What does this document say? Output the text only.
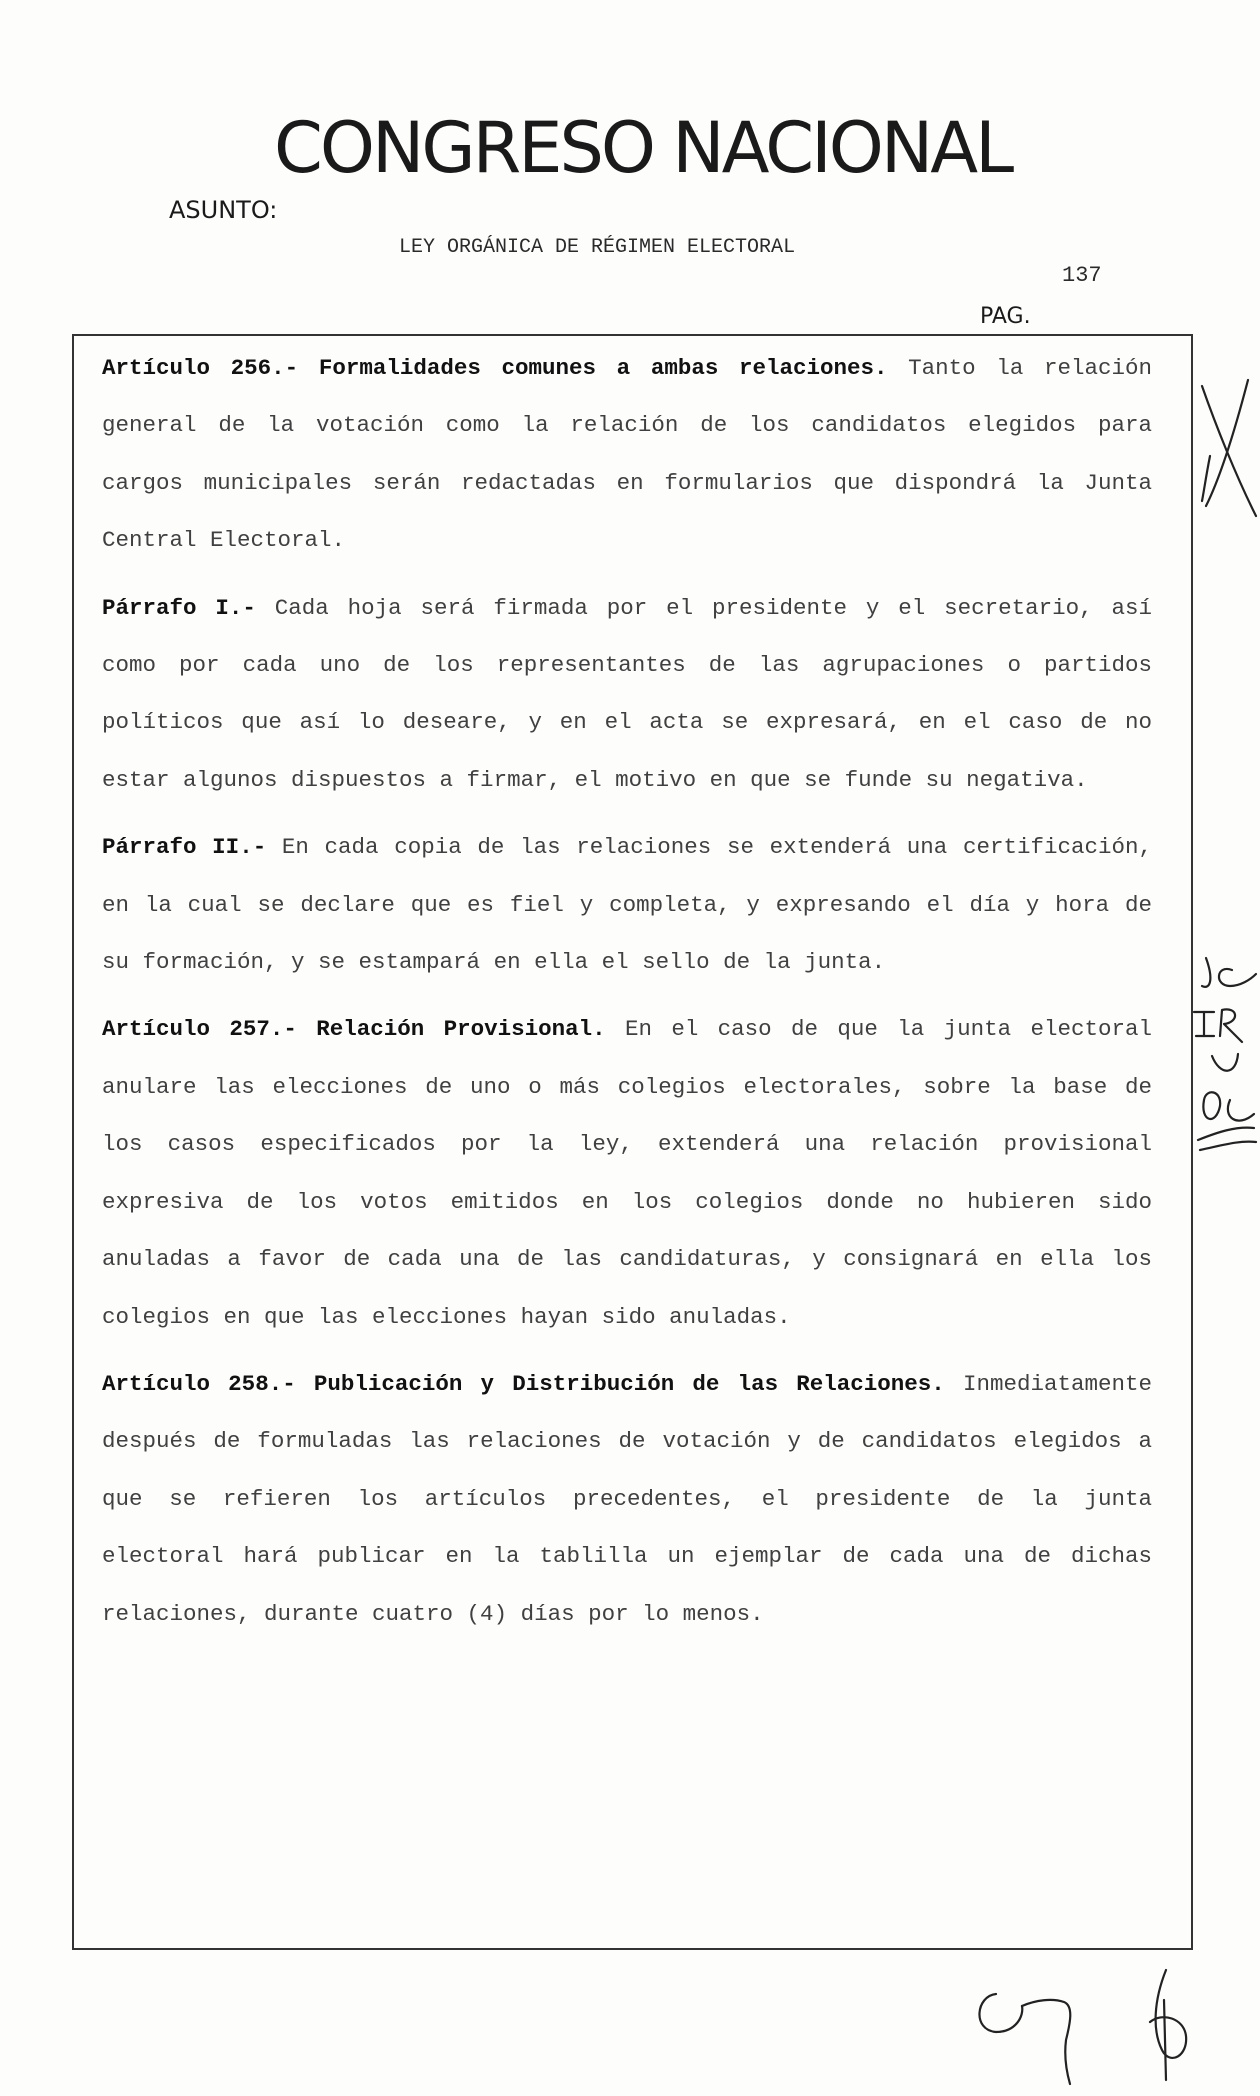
CONGRESO NACIONAL
ASUNTO:
LEY ORGÁNICA DE RÉGIMEN ELECTORAL
137
PAG.

Artículo 256.- Formalidades comunes a ambas relaciones. Tanto la relación general de la votación como la relación de los candidatos elegidos para cargos municipales serán redactadas en formularios que dispondrá la Junta Central Electoral.

Párrafo I.- Cada hoja será firmada por el presidente y el secretario, así como por cada uno de los representantes de las agrupaciones o partidos políticos que así lo deseare, y en el acta se expresará, en el caso de no estar algunos dispuestos a firmar, el motivo en que se funde su negativa.

Párrafo II.- En cada copia de las relaciones se extenderá una certificación, en la cual se declare que es fiel y completa, y expresando el día y hora de su formación, y se estampará en ella el sello de la junta.

Artículo 257.- Relación Provisional. En el caso de que la junta electoral anulare las elecciones de uno o más colegios electorales, sobre la base de los casos especificados por la ley, extenderá una relación provisional expresiva de los votos emitidos en los colegios donde no hubieren sido anuladas a favor de cada una de las candidaturas, y consignará en ella los colegios en que las elecciones hayan sido anuladas.

Artículo 258.- Publicación y Distribución de las Relaciones. Inmediatamente después de formuladas las relaciones de votación y de candidatos elegidos a que se refieren los artículos precedentes, el presidente de la junta electoral hará publicar en la tablilla un ejemplar de cada una de dichas relaciones, durante cuatro (4) días por lo menos.
